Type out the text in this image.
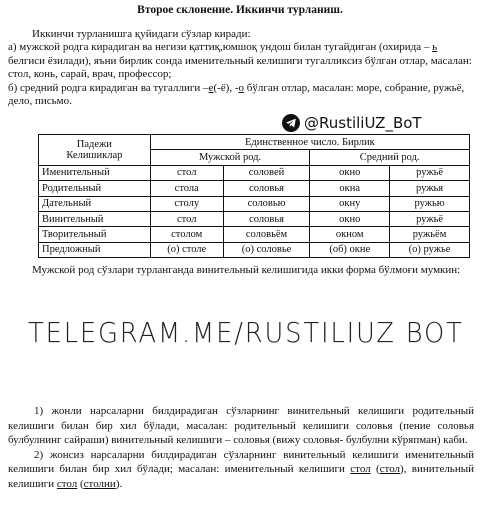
Второе склонение. Иккинчи турланиш.

Иккинчи турланишга қуйидаги сўзлар киради:

а) мужской родга кирадиган ва негизи қаттиқ,юмшоқ ундош билан тугайдиган (охирида – ь белгиси ёзилади), яъни бирлик сонда именительный келишиги тугалликсиз бўлган отлар, масалан: стол, конь, сарай, врач, профессор;

б) средний родга кирадиган ва тугаллиги –е(-ё), -о бўлган отлар, масалан: море, собрание, ружьё, дело, письмо.

@RustiliUZ_BoT
Падежи
Келишиклар	Единственное число. Бирлик			
	Мужской род.		Средний род.	
Именительный	стол	соловей	окно	ружьё
Родительный	стола	соловья	окна	ружья
Дательный	столу	соловью	окну	ружью
Винительный	стол	соловья	окно	ружьё
Творительный	столом	соловьём	окном	ружьём
Предложный	(о) столе	(о) соловье	(об) окне	(о) ружье
Мужской род сўзлари турланганда винительный келишигида икки форма бўлмоғи мумкин:
TELEGRAM.ME/RUSTILIUZ BOT

1) жонли нарсаларни билдирадиган сўзларнинг винительный келишиги родительный келишиги билан бир хил бўлади, масалан: родительный келишиги соловья (пение соловья булбулнинг сайраши) винительный келишиги – соловья (вижу соловья- булбулни кўряпман) каби.

2) жонсиз нарсаларни билдирадиган сўзларнинг винительный келишиги именительный келишиги билан бир хил бўлади; масалан: именительный келишиги стол (стол), винительный келишиги стол (столни).
